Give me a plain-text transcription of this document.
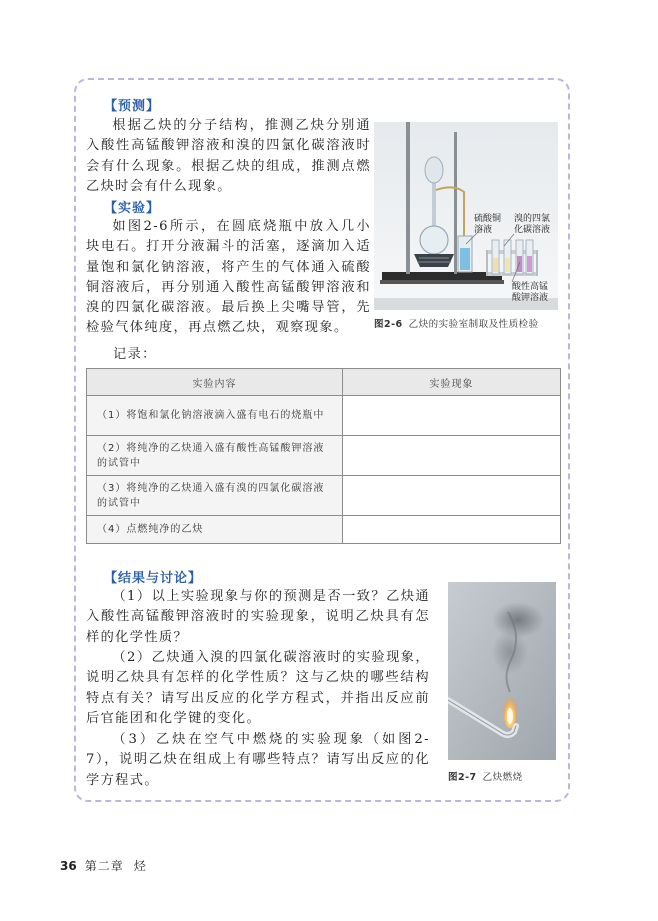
【预测】
根据乙炔的分子结构，推测乙炔分别通入酸性高锰酸钾溶液和溴的四氯化碳溶液时会有什么现象。根据乙炔的组成，推测点燃乙炔时会有什么现象。
【实验】
如图2-6所示，在圆底烧瓶中放入几小块电石。打开分液漏斗的活塞，逐滴加入适量饱和氯化钠溶液，将产生的气体通入硫酸铜溶液后，再分别通入酸性高锰酸钾溶液和溴的四氯化碳溶液。最后换上尖嘴导管，先检验气体纯度，再点燃乙炔，观察现象。
记录：
硫酸铜
溶液
溴的四氯
化碳溶液
酸性高锰
酸钾溶液
图2-6 乙炔的实验室制取及性质检验
实验内容	实验现象
（1）将饱和氯化钠溶液滴入盛有电石的烧瓶中	
（2）将纯净的乙炔通入盛有酸性高锰酸钾溶液的试管中	
（3）将纯净的乙炔通入盛有溴的四氯化碳溶液的试管中	
（4）点燃纯净的乙炔	
【结果与讨论】
（1）以上实验现象与你的预测是否一致？乙炔通入酸性高锰酸钾溶液时的实验现象，说明乙炔具有怎样的化学性质？
（2）乙炔通入溴的四氯化碳溶液时的实验现象，说明乙炔具有怎样的化学性质？这与乙炔的哪些结构特点有关？请写出反应的化学方程式，并指出反应前后官能团和化学键的变化。
（3）乙炔在空气中燃烧的实验现象（如图2-7），说明乙炔在组成上有哪些特点？请写出反应的化学方程式。	图2-7 乙炔燃烧
36 第二章 烃
